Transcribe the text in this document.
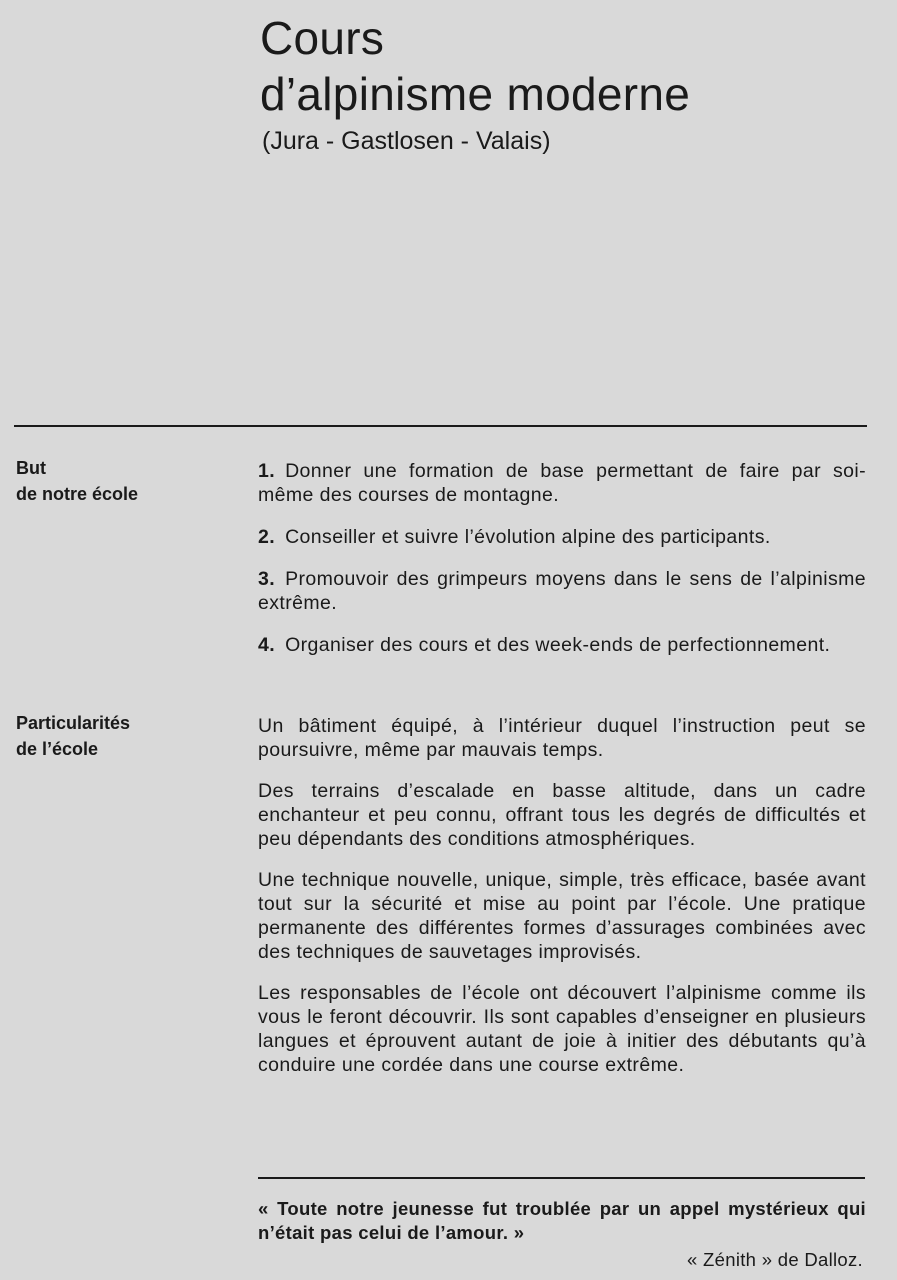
Cours
d’alpinisme moderne

(Jura - Gastlosen - Valais)

But
de notre école

1. Donner une formation de base permettant de faire par soi-même des courses de montagne.

2. Conseiller et suivre l’évolution alpine des participants.

3. Promouvoir des grimpeurs moyens dans le sens de l’alpinisme extrême.

4. Organiser des cours et des week-ends de perfectionnement.

Particularités
de l’école

Un bâtiment équipé, à l’intérieur duquel l’instruction peut se poursuivre, même par mauvais temps.

Des terrains d’escalade en basse altitude, dans un cadre enchanteur et peu connu, offrant tous les degrés de difficultés et peu dépendants des conditions atmosphériques.

Une technique nouvelle, unique, simple, très efficace, basée avant tout sur la sécurité et mise au point par l’école. Une pratique permanente des différentes formes d’assurages combinées avec des techniques de sauvetages improvisés.

Les responsables de l’école ont découvert l’alpinisme comme ils vous le feront découvrir. Ils sont capables d’enseigner en plusieurs langues et éprouvent autant de joie à initier des débutants qu’à conduire une cordée dans une course extrême.

« Toute notre jeunesse fut troublée par un appel mystérieux qui n’était pas celui de l’amour. »

« Zénith » de Dalloz.
